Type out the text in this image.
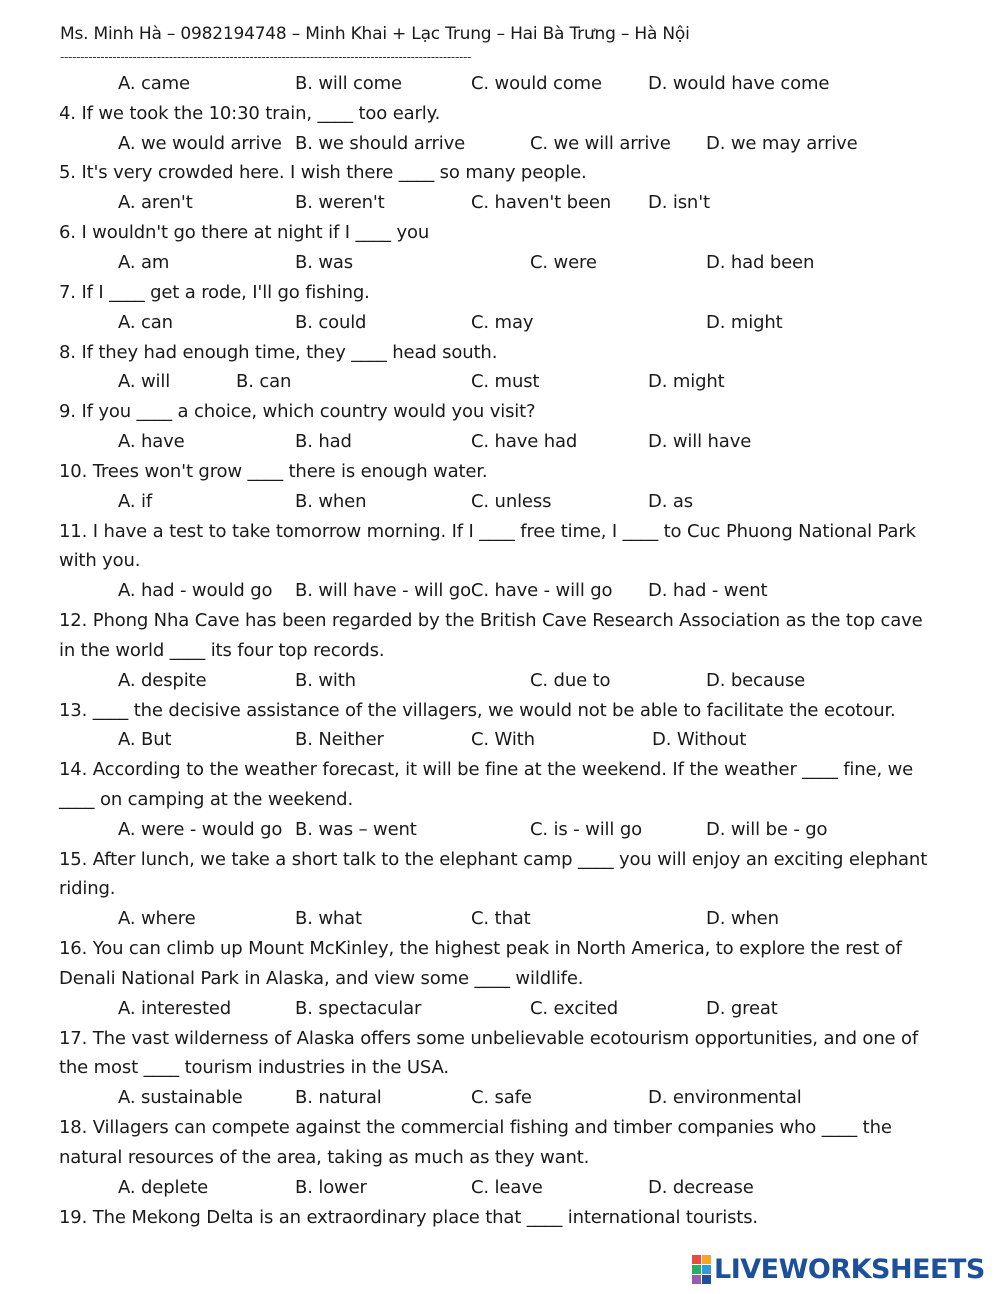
Ms. Minh Hà – 0982194748 – Minh Khai + Lạc Trung – Hai Bà Trưng – Hà Nội
------------------------------------------------------------------------------------------------------
A. came	B. will come	C. would come	D. would have come
4. If we took the 10:30 train, ____ too early.
A. we would arrive B. we should arrive	C. we will arrive D. we may arrive
5. It's very crowded here. I wish there ____ so many people.
A. aren't	B. weren't	C. haven't been D. isn't
6. I wouldn't go there at night if I ____ you
A. am	B. was	C. were	D. had been
7. If I ____ get a rode, I'll go fishing.
A. can	B. could	C. may	D. might
8. If they had enough time, they ____ head south.
A. will	B. can	C. must	D. might
9. If you ____ a choice, which country would you visit?
A. have	B. had	C. have had	D. will have
10. Trees won't grow ____ there is enough water.
A. if	B. when	C. unless	D. as
11. I have a test to take tomorrow morning. If I ____ free time, I ____ to Cuc Phuong National Park
with you.
A. had - would go B. will have - will goC. have - will go D. had - went
12. Phong Nha Cave has been regarded by the British Cave Research Association as the top cave
in the world ____ its four top records.
A. despite	B. with	C. due to	D. because
13. ____ the decisive assistance of the villagers, we would not be able to facilitate the ecotour.
A. But	B. Neither	C. With	D. Without
14. According to the weather forecast, it will be fine at the weekend. If the weather ____ fine, we
____ on camping at the weekend.
A. were - would go B. was – went	C. is - will go	D. will be - go
15. After lunch, we take a short talk to the elephant camp ____ you will enjoy an exciting elephant
riding.
A. where	B. what	C. that	D. when
16. You can climb up Mount McKinley, the highest peak in North America, to explore the rest of
Denali National Park in Alaska, and view some ____ wildlife.
A. interested	B. spectacular	C. excited	D. great
17. The vast wilderness of Alaska offers some unbelievable ecotourism opportunities, and one of
the most ____ tourism industries in the USA.
A. sustainable	B. natural	C. safe	D. environmental
18. Villagers can compete against the commercial fishing and timber companies who ____ the
natural resources of the area, taking as much as they want.
A. deplete	B. lower	C. leave	D. decrease
19. The Mekong Delta is an extraordinary place that ____ international tourists.
LIVEWORKSHEETS
